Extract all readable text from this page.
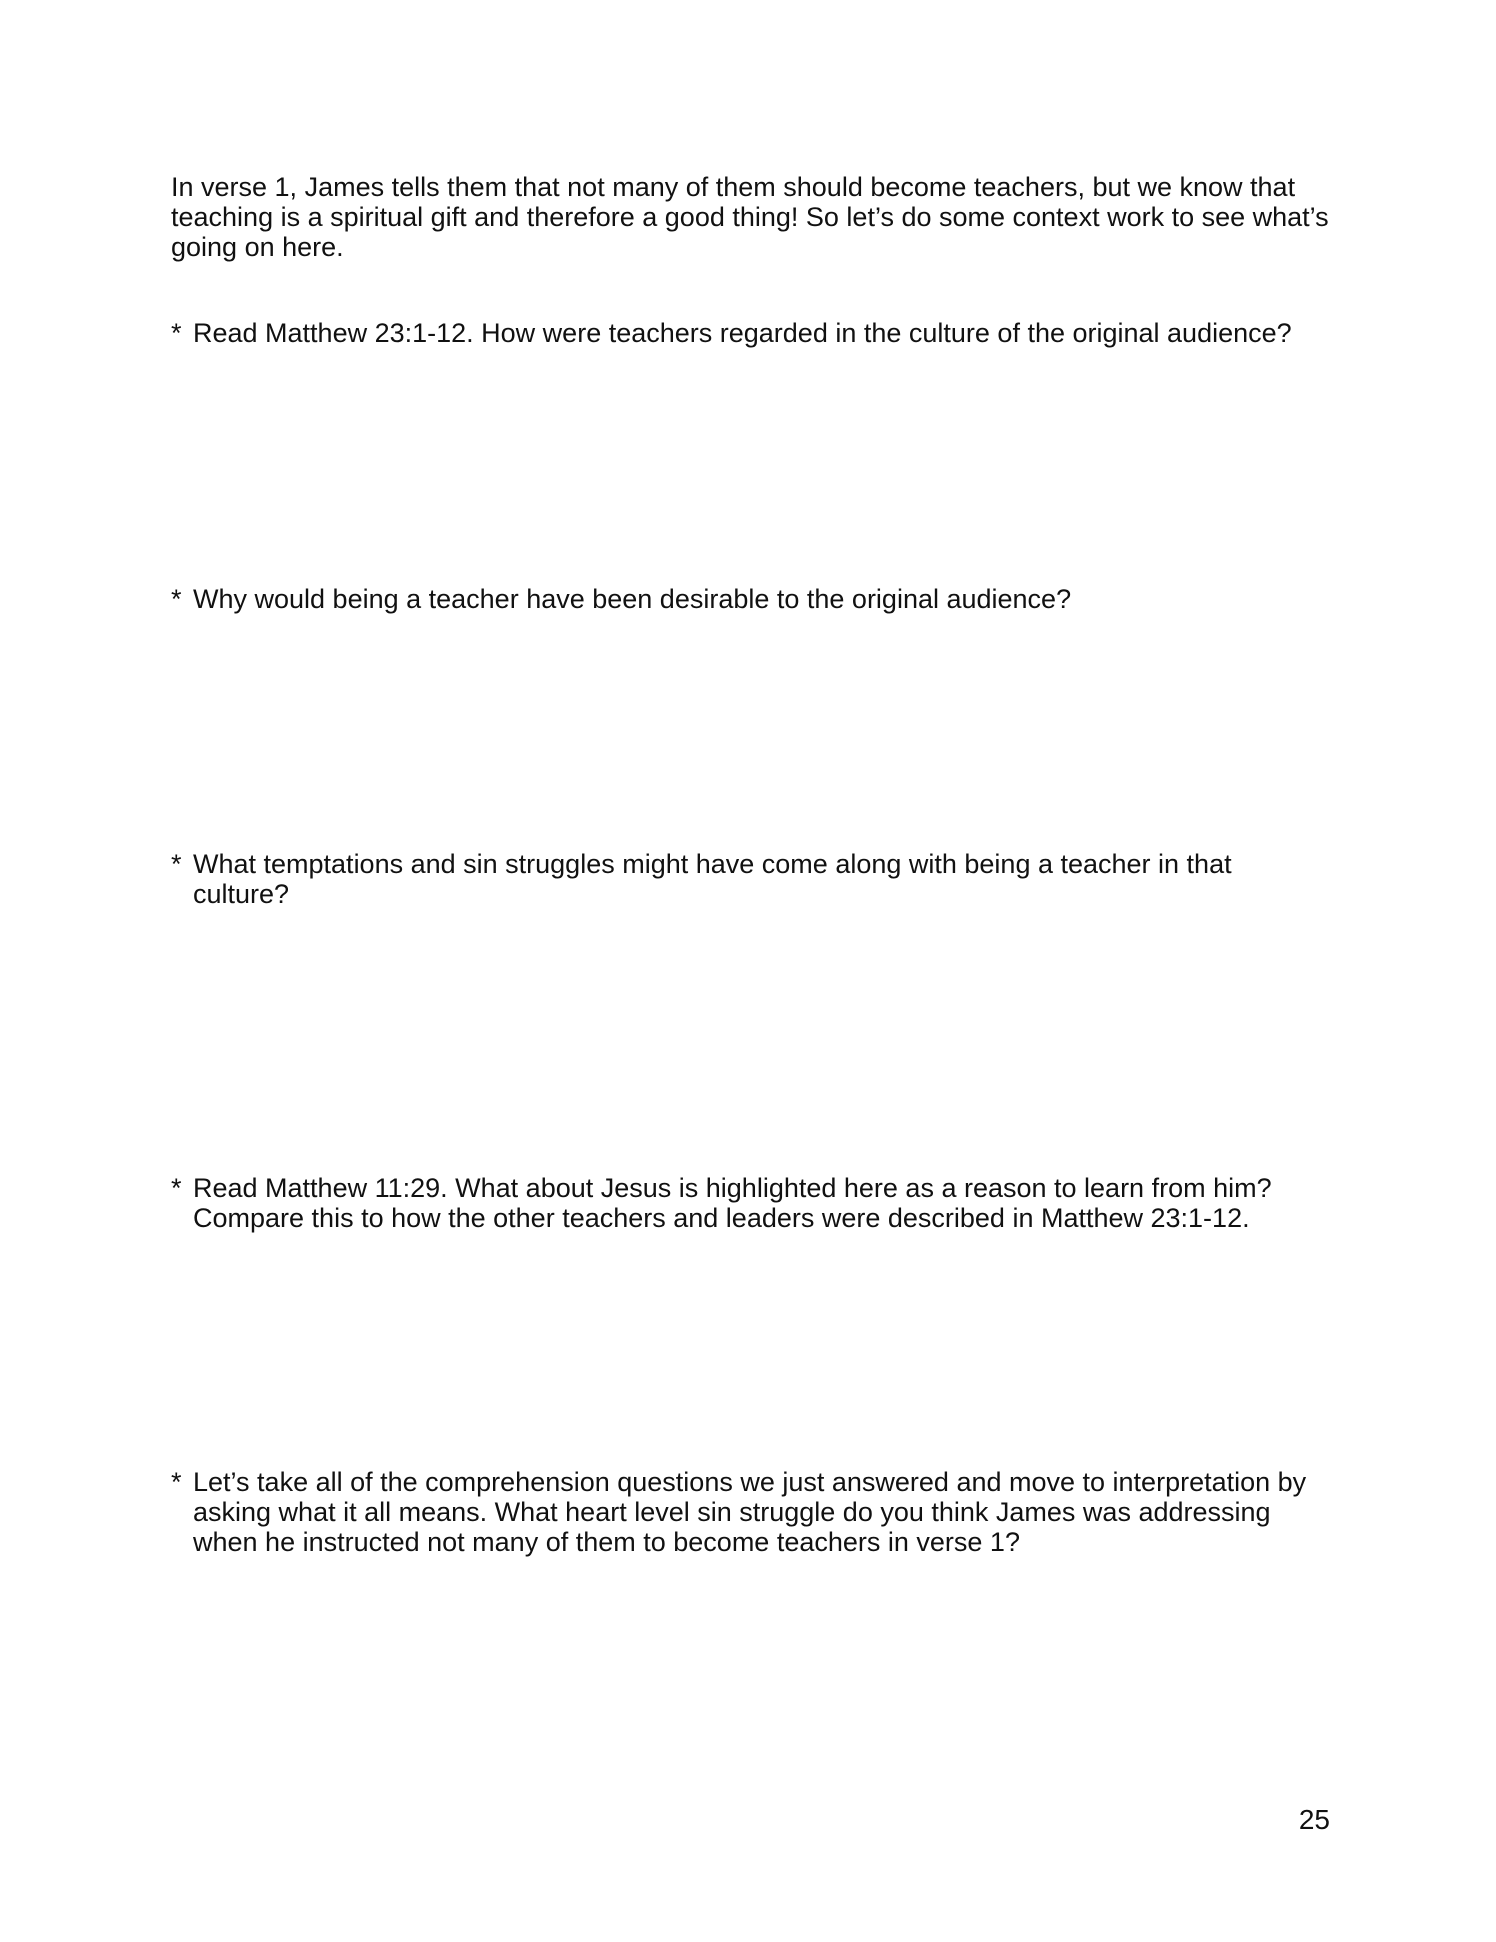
In verse 1, James tells them that not many of them should become teachers, but we know that teaching is a spiritual gift and therefore a good thing! So let’s do some context work to see what’s going on here.

* Read Matthew 23:1-12. How were teachers regarded in the culture of the original audience?
* Why would being a teacher have been desirable to the original audience?
* What temptations and sin struggles might have come along with being a teacher in that culture?
* Read Matthew 11:29. What about Jesus is highlighted here as a reason to learn from him? Compare this to how the other teachers and leaders were described in Matthew 23:1-12.
* Let’s take all of the comprehension questions we just answered and move to interpretation by asking what it all means. What heart level sin struggle do you think James was addressing when he instructed not many of them to become teachers in verse 1?
25
